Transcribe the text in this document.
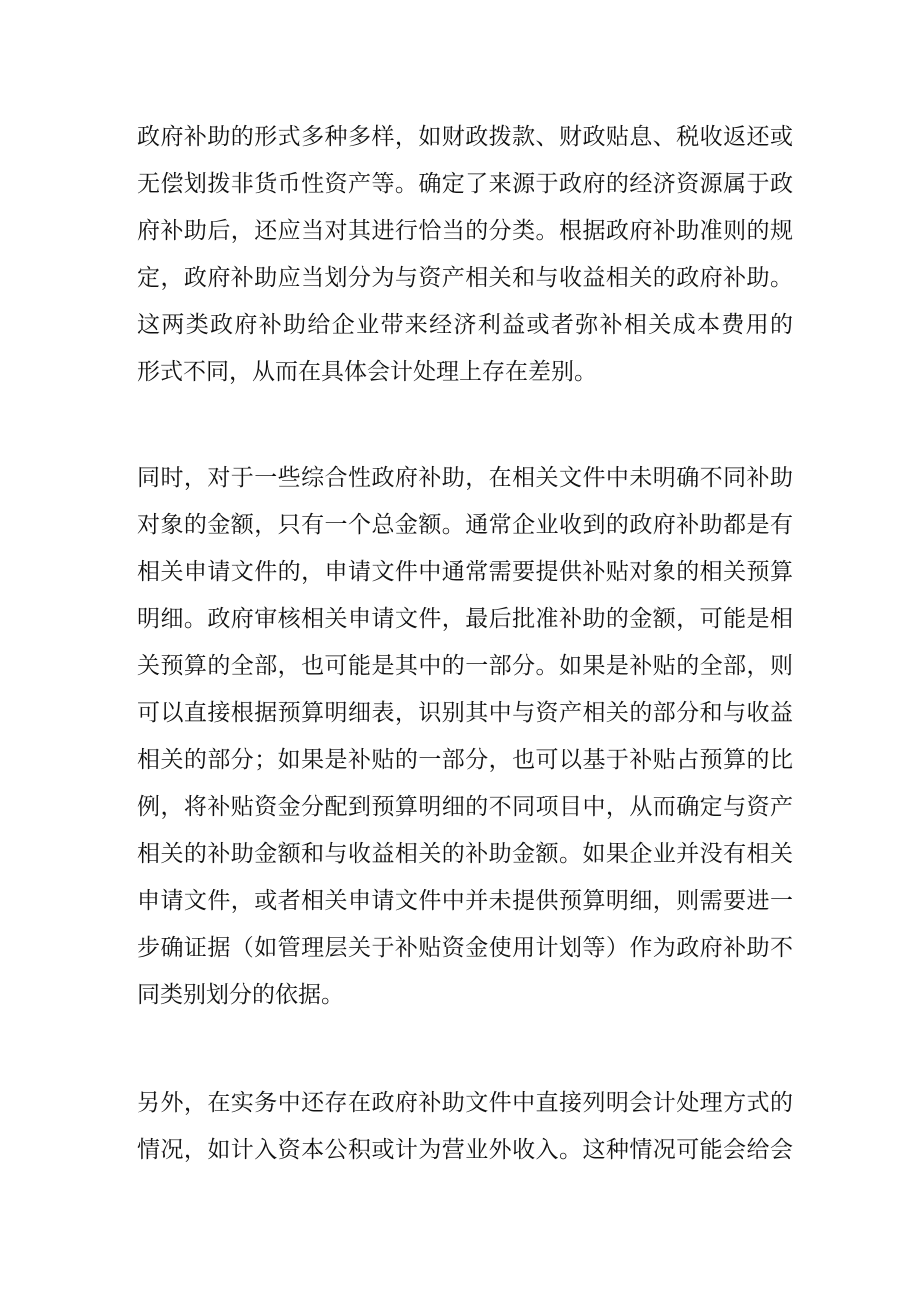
政府补助的形式多种多样，如财政拨款、财政贴息、税收返还或
无偿划拨非货币性资产等。确定了来源于政府的经济资源属于政
府补助后，还应当对其进行恰当的分类。根据政府补助准则的规
定，政府补助应当划分为与资产相关和与收益相关的政府补助。
这两类政府补助给企业带来经济利益或者弥补相关成本费用的
形式不同，从而在具体会计处理上存在差别。
同时，对于一些综合性政府补助，在相关文件中未明确不同补助
对象的金额，只有一个总金额。通常企业收到的政府补助都是有
相关申请文件的，申请文件中通常需要提供补贴对象的相关预算
明细。政府审核相关申请文件，最后批准补助的金额，可能是相
关预算的全部，也可能是其中的一部分。如果是补贴的全部，则
可以直接根据预算明细表，识别其中与资产相关的部分和与收益
相关的部分；如果是补贴的一部分，也可以基于补贴占预算的比
例，将补贴资金分配到预算明细的不同项目中，从而确定与资产
相关的补助金额和与收益相关的补助金额。如果企业并没有相关
申请文件，或者相关申请文件中并未提供预算明细，则需要进一
步确证据（如管理层关于补贴资金使用计划等）作为政府补助不
同类别划分的依据。
另外，在实务中还存在政府补助文件中直接列明会计处理方式的
情况，如计入资本公积或计为营业外收入。这种情况可能会给会
